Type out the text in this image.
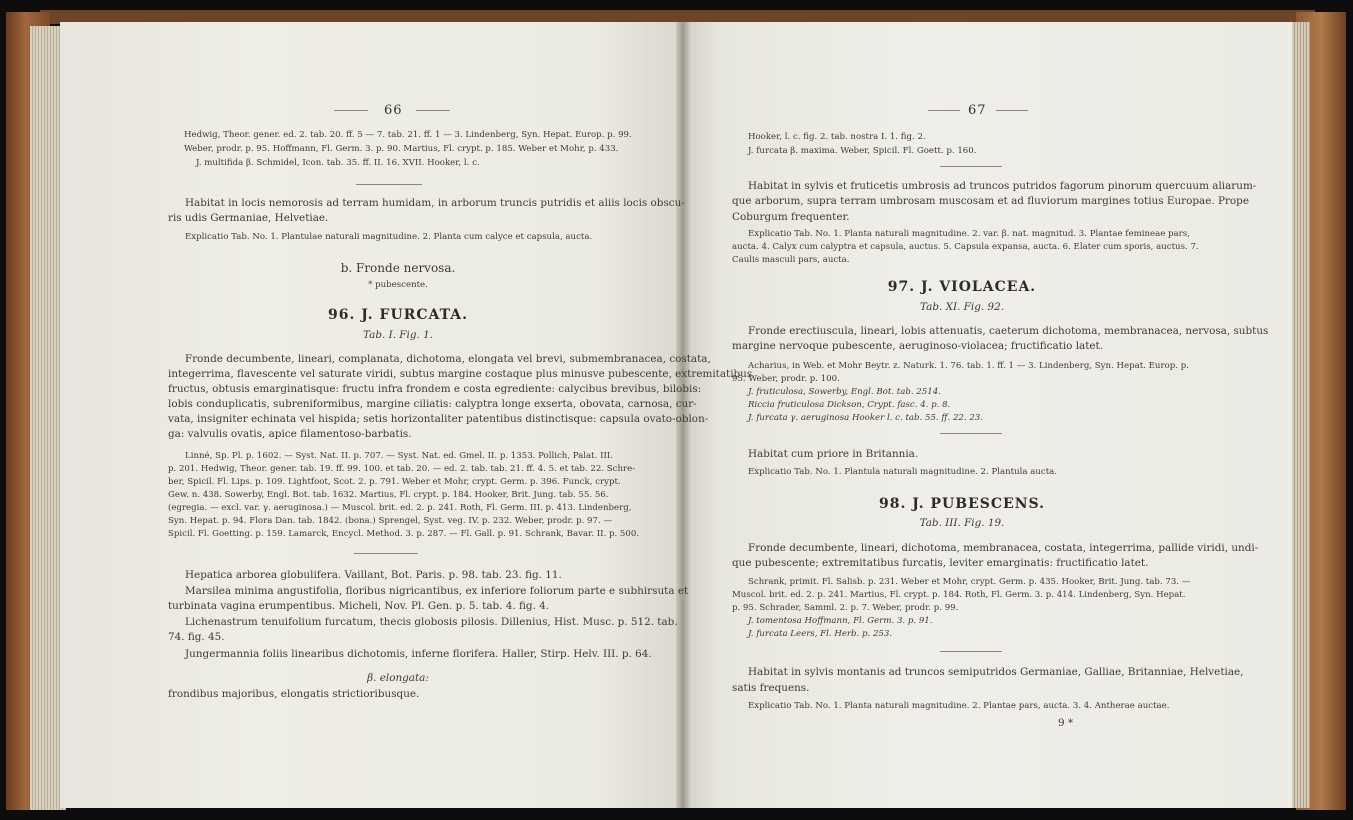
66
Hedwig, Theor. gener. ed. 2. tab. 20. ff. 5 — 7. tab. 21. ff. 1 — 3. Lindenberg, Syn. Hepat. Europ. p. 99.
Weber, prodr. p. 95. Hoffmann, Fl. Germ. 3. p. 90. Martius, Fl. crypt. p. 185. Weber et Mohr, p. 433.
J. multifida β. Schmidel, Icon. tab. 35. ff. II. 16. XVII. Hooker, l. c.
Habitat in locis nemorosis ad terram humidam, in arborum truncis putridis et aliis locis obscu-
ris udis Germaniae, Helvetiae.
Explicatio Tab. No. 1. Plantulae naturali magnitudine. 2. Planta cum calyce et capsula, aucta.
b. Fronde nervosa.
* pubescente.
96. J. FURCATA.
Tab. I. Fig. 1.
Fronde decumbente, lineari, complanata, dichotoma, elongata vel brevi, submembranacea, costata,
integerrima, flavescente vel saturate viridi, subtus margine costaque plus minusve pubescente, extremitatibus
fructus, obtusis emarginatisque: fructu infra frondem e costa egrediente: calycibus brevibus, bilobis:
lobis conduplicatis, subreniformibus, margine ciliatis: calyptra longe exserta, obovata, carnosa, cur-
vata, insigniter echinata vel hispida; setis horizontaliter patentibus distinctisque: capsula ovato-oblon-
ga: valvulis ovatis, apice filamentoso-barbatis.
Linné, Sp. Pl. p. 1602. — Syst. Nat. II. p. 707. — Syst. Nat. ed. Gmel. II. p. 1353. Pollich, Palat. III.
p. 201. Hedwig, Theor. gener. tab. 19. ff. 99. 100. et tab. 20. — ed. 2. tab. tab. 21. ff. 4. 5. et tab. 22. Schre-
ber, Spicil. Fl. Lips. p. 109. Lightfoot, Scot. 2. p. 791. Weber et Mohr, crypt. Germ. p. 396. Funck, crypt.
Gew. n. 438. Sowerby, Engl. Bot. tab. 1632. Martius, Fl. crypt. p. 184. Hooker, Brit. Jung. tab. 55. 56.
(egregia. — excl. var. γ. aeruginosa.) — Muscol. brit. ed. 2. p. 241. Roth, Fl. Germ. III. p. 413. Lindenberg,
Syn. Hepat. p. 94. Flora Dan. tab. 1842. (bona.) Sprengel, Syst. veg. IV. p. 232. Weber, prodr. p. 97. —
Spicil. Fl. Goetting. p. 159. Lamarck, Encycl. Method. 3. p. 287. — Fl. Gall. p. 91. Schrank, Bavar. II. p. 500.
Hepatica arborea globulifera. Vaillant, Bot. Paris. p. 98. tab. 23. fig. 11.
Marsilea minima angustifolia, floribus nigricantibus, ex inferiore foliorum parte e subhirsuta et
turbinata vagina erumpentibus. Micheli, Nov. Pl. Gen. p. 5. tab. 4. fig. 4.
Lichenastrum tenuifolium furcatum, thecis globosis pilosis. Dillenius, Hist. Musc. p. 512. tab.
74. fig. 45.
Jungermannia foliis linearibus dichotomis, inferne florifera. Haller, Stirp. Helv. III. p. 64.
β. elongata:
frondibus majoribus, elongatis strictioribusque.
67
Hooker, l. c. fig. 2. tab. nostra I. 1. fig. 2.
J. furcata β. maxima. Weber, Spicil. Fl. Goett. p. 160.
Habitat in sylvis et fruticetis umbrosis ad truncos putridos fagorum pinorum quercuum aliarum-
que arborum, supra terram umbrosam muscosam et ad fluviorum margines totius Europae. Prope
Coburgum frequenter.
Explicatio Tab. No. 1. Planta naturali magnitudine. 2. var. β. nat. magnitud. 3. Plantae femineae pars,
aucta. 4. Calyx cum calyptra et capsula, auctus. 5. Capsula expansa, aucta. 6. Elater cum sporis, auctus. 7.
Caulis masculi pars, aucta.
97. J. VIOLACEA.
Tab. XI. Fig. 92.
Fronde erectiuscula, lineari, lobis attenuatis, caeterum dichotoma, membranacea, nervosa, subtus
margine nervoque pubescente, aeruginoso-violacea; fructificatio latet.
Acharius, in Web. et Mohr Beytr. z. Naturk. 1. 76. tab. 1. ff. 1 — 3. Lindenberg, Syn. Hepat. Europ. p.
95. Weber, prodr. p. 100.
J. fruticulosa, Sowerby, Engl. Bot. tab. 2514.
Riccia fruticulosa Dickson, Crypt. fasc. 4. p. 8.
J. furcata γ. aeruginosa Hooker l. c. tab. 55. ff. 22. 23.
Habitat cum priore in Britannia.
Explicatio Tab. No. 1. Plantula naturali magnitudine. 2. Plantula aucta.
98. J. PUBESCENS.
Tab. III. Fig. 19.
Fronde decumbente, lineari, dichotoma, membranacea, costata, integerrima, pallide viridi, undi-
que pubescente; extremitatibus furcatis, leviter emarginatis: fructificatio latet.
Schrank, primit. Fl. Salisb. p. 231. Weber et Mohr, crypt. Germ. p. 435. Hooker, Brit. Jung. tab. 73. —
Muscol. brit. ed. 2. p. 241. Martius, Fl. crypt. p. 184. Roth, Fl. Germ. 3. p. 414. Lindenberg, Syn. Hepat.
p. 95. Schrader, Samml. 2. p. 7. Weber, prodr. p. 99.
J. tomentosa Hoffmann, Fl. Germ. 3. p. 91.
J. furcata Leers, Fl. Herb. p. 253.
Habitat in sylvis montanis ad truncos semiputridos Germaniae, Galliae, Britanniae, Helvetiae,
satis frequens.
Explicatio Tab. No. 1. Planta naturali magnitudine. 2. Plantae pars, aucta. 3. 4. Antherae auctae.
9 *
